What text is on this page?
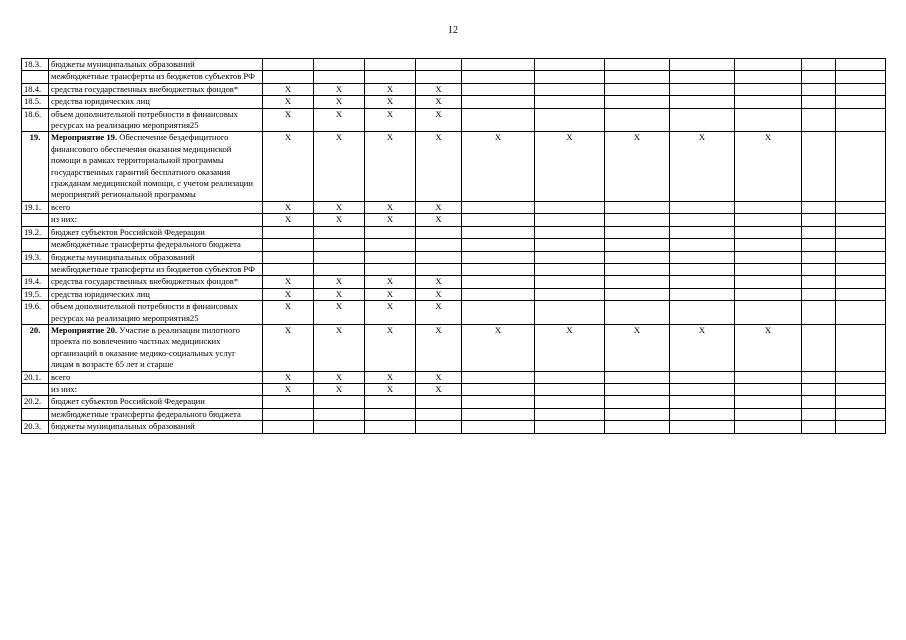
12
18.3.	бюджеты муниципальных образований												
	межбюджетные трансферты из бюджетов субъектов РФ												
18.4.	средства государственных внебюджетных фондов*	X	X	X	X								
18.5.	средства юридических лиц	X	X	X	X								
18.6.	объем дополнительной потребности в финансовых ресурсах на реализацию мероприятия25	X	X	X	X								
19.	Мероприятие 19. Обеспечение бездефицитного финансового обеспечения оказания медицинской помощи в рамках территориальной программы государственных гарантий бесплатного оказания гражданам медицинской помощи, с учетом реализации мероприятий региональной программы	X	X	X	X	X	X	X	X	X			
19.1.	всего	X	X	X	X								
	из них:	X	X	X	X								
19.2.	бюджет субъектов Российской Федерации												
	межбюджетные трансферты федерального бюджета												
19.3.	бюджеты муниципальных образований												
	межбюджетные трансферты из бюджетов субъектов РФ												
19.4.	средства государственных внебюджетных фондов*	X	X	X	X								
19.5.	средства юридических лиц	X	X	X	X								
19.6.	объем дополнительной потребности в финансовых ресурсах на реализацию мероприятия25	X	X	X	X								
20.	Мероприятие 20. Участие в реализации пилотного проекта по вовлечению частных медицинских организаций в оказание медико-социальных услуг лицам в возрасте 65 лет и старше	X	X	X	X	X	X	X	X	X			
20.1.	всего	X	X	X	X								
	из них:	X	X	X	X								
20.2.	бюджет субъектов Российской Федерации												
	межбюджетные трансферты федерального бюджета												
20.3.	бюджеты муниципальных образований												
